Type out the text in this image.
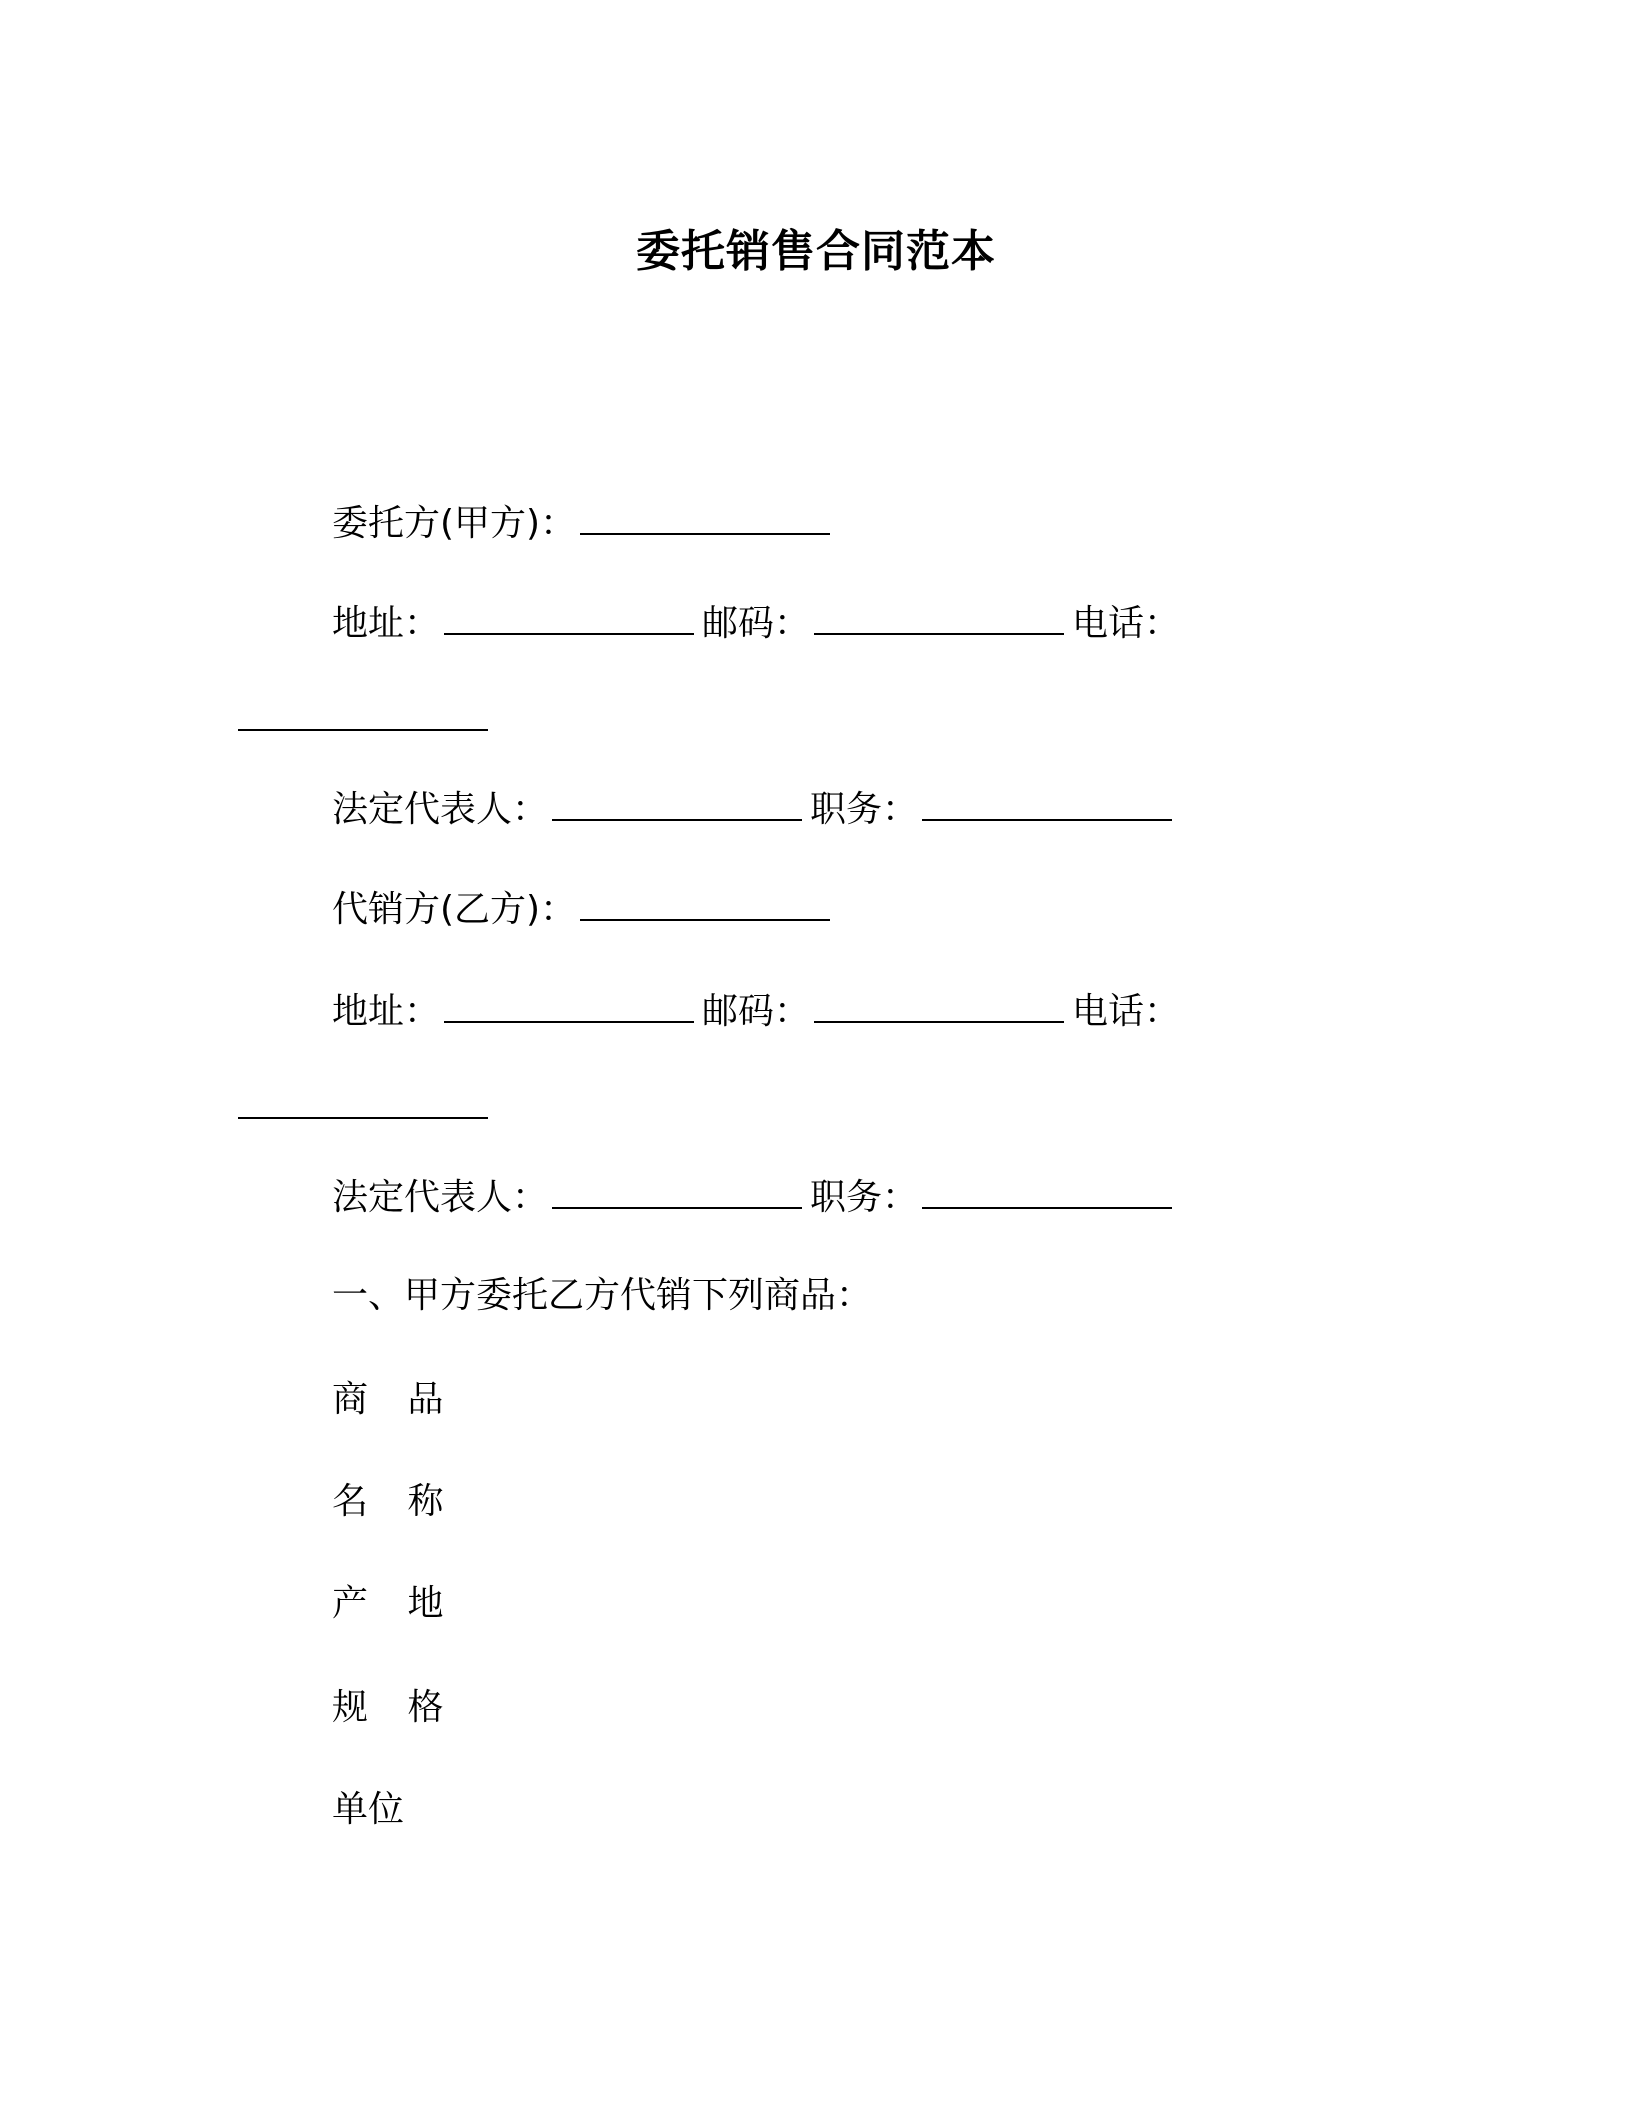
委托销售合同范本
委托方(甲方)：
地址：	邮码：	电话：
法定代表人：	职务：
代销方(乙方)：
地址：	邮码：	电话：
法定代表人：	职务：
一、甲方委托乙方代销下列商品：
商 品
名 称
产 地
规 格
单位
